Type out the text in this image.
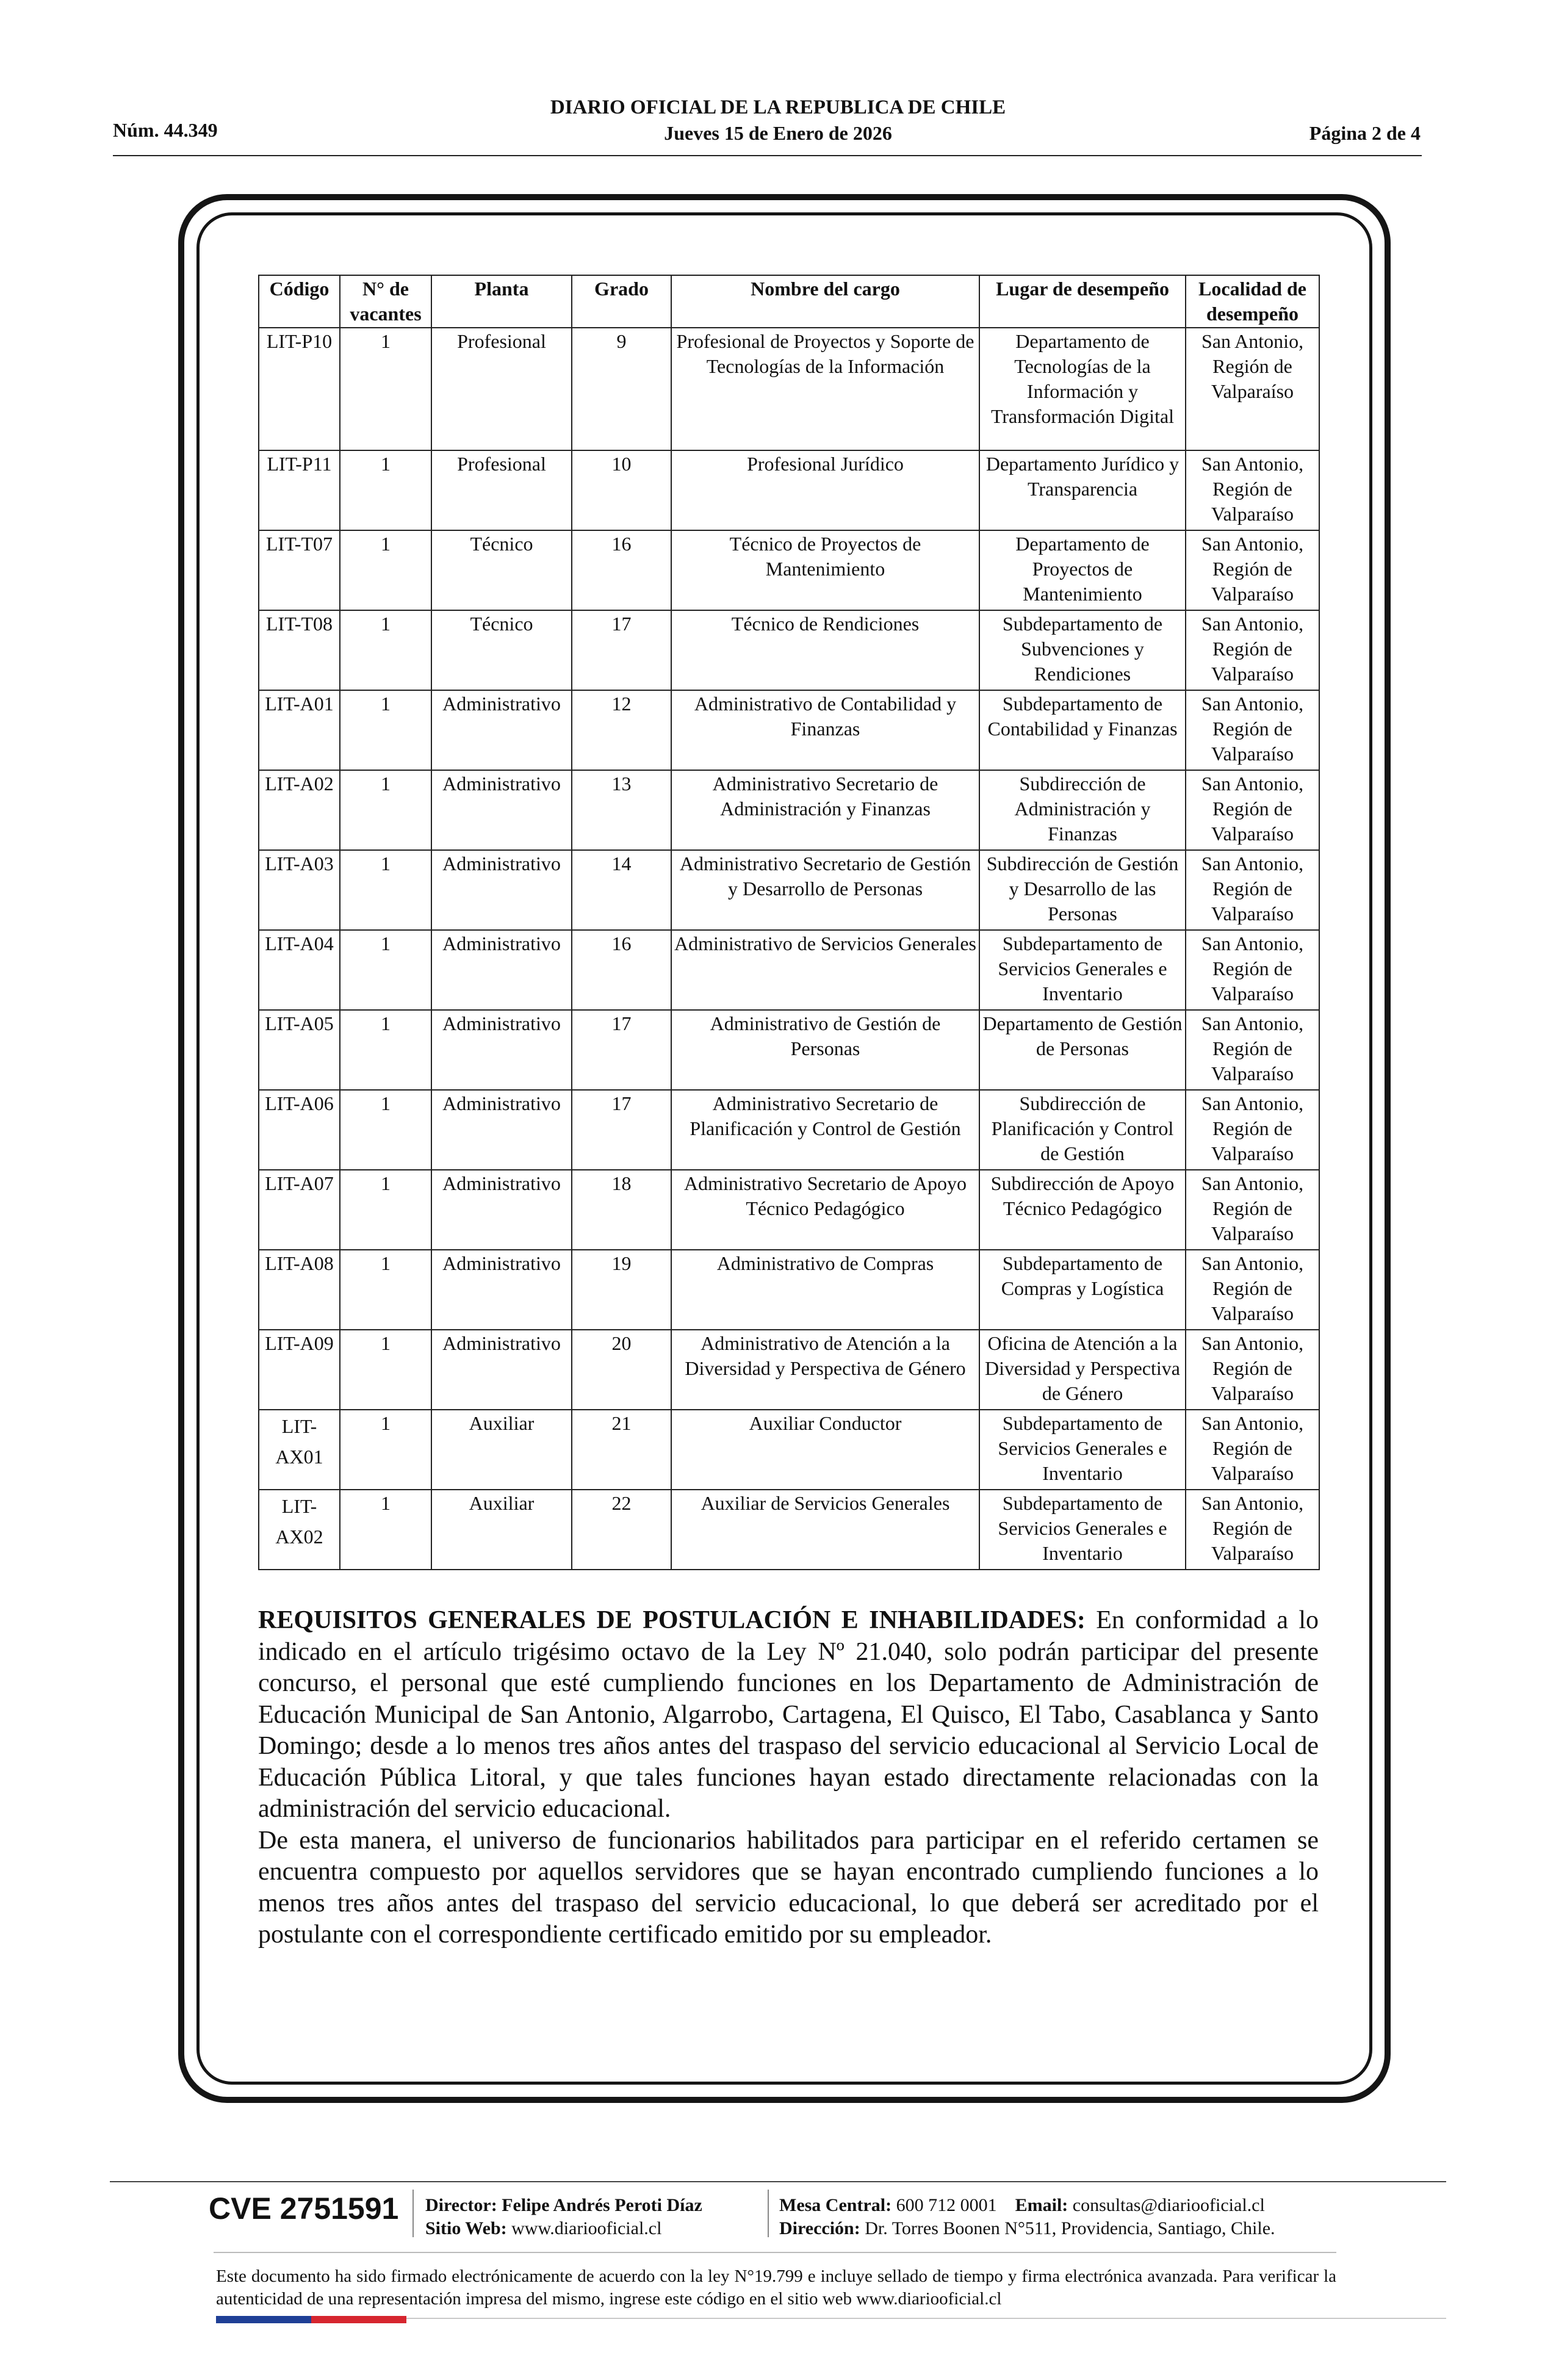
Núm. 44.349
DIARIO OFICIAL DE LA REPUBLICA DE CHILE
Jueves 15 de Enero de 2026	Página 2 de 4
Código	N° de vacantes	Planta	Grado	Nombre del cargo	Lugar de desempeño	Localidad de desempeño
LIT-P10	1	Profesional	9	Profesional de Proyectos y Soporte de Tecnologías de la Información	Departamento de Tecnologías de la Información y Transformación Digital	San Antonio, Región de Valparaíso
LIT-P11	1	Profesional	10	Profesional Jurídico	Departamento Jurídico y Transparencia	San Antonio, Región de Valparaíso
LIT-T07	1	Técnico	16	Técnico de Proyectos de Mantenimiento	Departamento de Proyectos de Mantenimiento	San Antonio, Región de Valparaíso
LIT-T08	1	Técnico	17	Técnico de Rendiciones	Subdepartamento de Subvenciones y Rendiciones	San Antonio, Región de Valparaíso
LIT-A01	1	Administrativo	12	Administrativo de Contabilidad y Finanzas	Subdepartamento de Contabilidad y Finanzas	San Antonio, Región de Valparaíso
LIT-A02	1	Administrativo	13	Administrativo Secretario de Administración y Finanzas	Subdirección de Administración y Finanzas	San Antonio, Región de Valparaíso
LIT-A03	1	Administrativo	14	Administrativo Secretario de Gestión y Desarrollo de Personas	Subdirección de Gestión y Desarrollo de las Personas	San Antonio, Región de Valparaíso
LIT-A04	1	Administrativo	16	Administrativo de Servicios Generales	Subdepartamento de Servicios Generales e Inventario	San Antonio, Región de Valparaíso
LIT-A05	1	Administrativo	17	Administrativo de Gestión de Personas	Departamento de Gestión de Personas	San Antonio, Región de Valparaíso
LIT-A06	1	Administrativo	17	Administrativo Secretario de Planificación y Control de Gestión	Subdirección de Planificación y Control de Gestión	San Antonio, Región de Valparaíso
LIT-A07	1	Administrativo	18	Administrativo Secretario de Apoyo Técnico Pedagógico	Subdirección de Apoyo Técnico Pedagógico	San Antonio, Región de Valparaíso
LIT-A08	1	Administrativo	19	Administrativo de Compras	Subdepartamento de Compras y Logística	San Antonio, Región de Valparaíso
LIT-A09	1	Administrativo	20	Administrativo de Atención a la Diversidad y Perspectiva de Género	Oficina de Atención a la Diversidad y Perspectiva de Género	San Antonio, Región de Valparaíso
LIT-AX01	1	Auxiliar	21	Auxiliar Conductor	Subdepartamento de Servicios Generales e Inventario	San Antonio, Región de Valparaíso
LIT-AX02	1	Auxiliar	22	Auxiliar de Servicios Generales	Subdepartamento de Servicios Generales e Inventario	San Antonio, Región de Valparaíso

REQUISITOS GENERALES DE POSTULACIÓN E INHABILIDADES: En conformidad a lo indicado en el artículo trigésimo octavo de la Ley Nº 21.040, solo podrán participar del presente concurso, el personal que esté cumpliendo funciones en los Departamento de Administración de Educación Municipal de San Antonio, Algarrobo, Cartagena, El Quisco, El Tabo, Casablanca y Santo Domingo; desde a lo menos tres años antes del traspaso del servicio educacional al Servicio Local de Educación Pública Litoral, y que tales funciones hayan estado directamente relacionadas con la administración del servicio educacional.

De esta manera, el universo de funcionarios habilitados para participar en el referido certamen se encuentra compuesto por aquellos servidores que se hayan encontrado cumpliendo funciones a lo menos tres años antes del traspaso del servicio educacional, lo que deberá ser acreditado por el postulante con el correspondiente certificado emitido por su empleador.

CVE 2751591 Director: Felipe Andrés Peroti Díaz
Sitio Web: www.diariooficial.cl
Mesa Central: 600 712 0001 Email: consultas@diariooficial.cl
Dirección: Dr. Torres Boonen N°511, Providencia, Santiago, Chile.
Este documento ha sido firmado electrónicamente de acuerdo con la ley N°19.799 e incluye sellado de tiempo y firma electrónica avanzada. Para verificar la autenticidad de una representación impresa del mismo, ingrese este código en el sitio web www.diariooficial.cl
